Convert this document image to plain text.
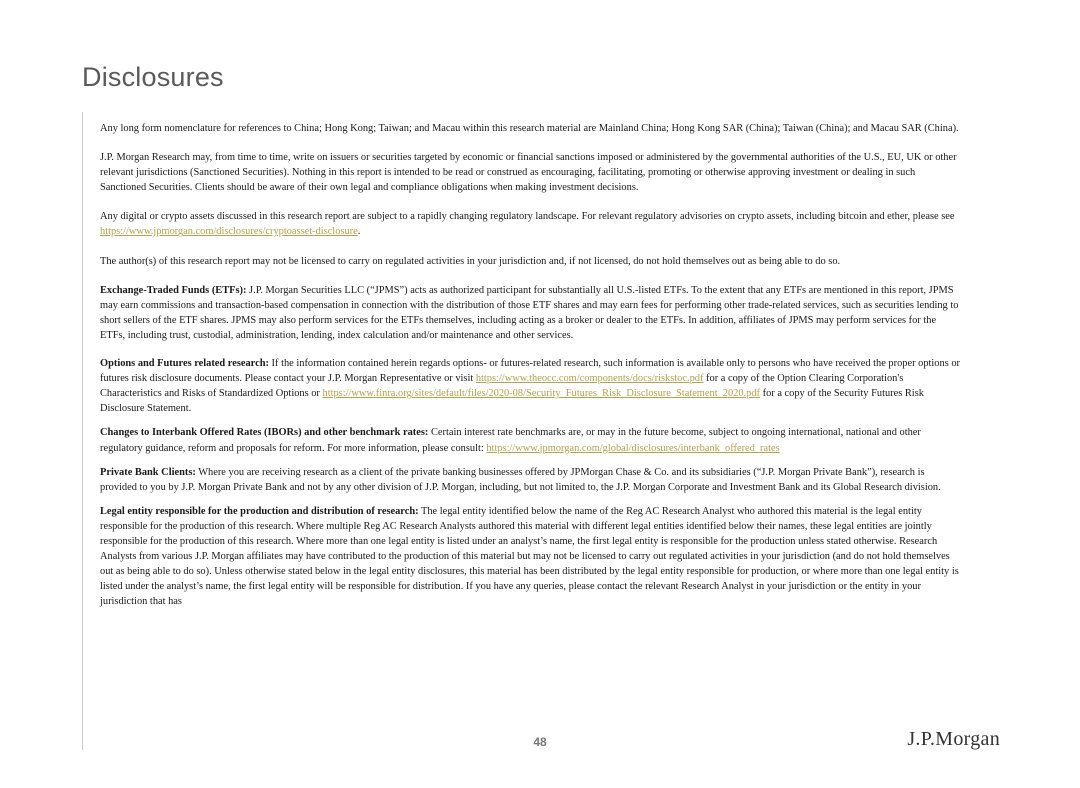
Disclosures

Any long form nomenclature for references to China; Hong Kong; Taiwan; and Macau within this research material are Mainland China; Hong Kong SAR (China); Taiwan (China); and Macau SAR (China).

J.P. Morgan Research may, from time to time, write on issuers or securities targeted by economic or financial sanctions imposed or administered by the governmental authorities of the U.S., EU, UK or other relevant jurisdictions (Sanctioned Securities). Nothing in this report is intended to be read or construed as encouraging, facilitating, promoting or otherwise approving investment or dealing in such Sanctioned Securities. Clients should be aware of their own legal and compliance obligations when making investment decisions.

Any digital or crypto assets discussed in this research report are subject to a rapidly changing regulatory landscape. For relevant regulatory advisories on crypto assets, including bitcoin and ether, please see https://www.jpmorgan.com/disclosures/cryptoasset-disclosure.

The author(s) of this research report may not be licensed to carry on regulated activities in your jurisdiction and, if not licensed, do not hold themselves out as being able to do so.

Exchange-Traded Funds (ETFs): J.P. Morgan Securities LLC (“JPMS”) acts as authorized participant for substantially all U.S.-listed ETFs. To the extent that any ETFs are mentioned in this report, JPMS may earn commissions and transaction-based compensation in connection with the distribution of those ETF shares and may earn fees for performing other trade-related services, such as securities lending to short sellers of the ETF shares. JPMS may also perform services for the ETFs themselves, including acting as a broker or dealer to the ETFs. In addition, affiliates of JPMS may perform services for the ETFs, including trust, custodial, administration, lending, index calculation and/or maintenance and other services.

Options and Futures related research: If the information contained herein regards options- or futures-related research, such information is available only to persons who have received the proper options or futures risk disclosure documents. Please contact your J.P. Morgan Representative or visit https://www.theocc.com/components/docs/riskstoc.pdf for a copy of the Option Clearing Corporation's Characteristics and Risks of Standardized Options or https://www.finra.org/sites/default/files/2020-08/Security_Futures_Risk_Disclosure_Statement_2020.pdf for a copy of the Security Futures Risk Disclosure Statement.

Changes to Interbank Offered Rates (IBORs) and other benchmark rates: Certain interest rate benchmarks are, or may in the future become, subject to ongoing international, national and other regulatory guidance, reform and proposals for reform. For more information, please consult: https://www.jpmorgan.com/global/disclosures/interbank_offered_rates

Private Bank Clients: Where you are receiving research as a client of the private banking businesses offered by JPMorgan Chase & Co. and its subsidiaries (“J.P. Morgan Private Bank”), research is provided to you by J.P. Morgan Private Bank and not by any other division of J.P. Morgan, including, but not limited to, the J.P. Morgan Corporate and Investment Bank and its Global Research division.

Legal entity responsible for the production and distribution of research: The legal entity identified below the name of the Reg AC Research Analyst who authored this material is the legal entity responsible for the production of this research. Where multiple Reg AC Research Analysts authored this material with different legal entities identified below their names, these legal entities are jointly responsible for the production of this research. Where more than one legal entity is listed under an analyst’s name, the first legal entity is responsible for the production unless stated otherwise. Research Analysts from various J.P. Morgan affiliates may have contributed to the production of this material but may not be licensed to carry out regulated activities in your jurisdiction (and do not hold themselves out as being able to do so). Unless otherwise stated below in the legal entity disclosures, this material has been distributed by the legal entity responsible for production, or where more than one legal entity is listed under the analyst’s name, the first legal entity will be responsible for distribution. If you have any queries, please contact the relevant Research Analyst in your jurisdiction or the entity in your jurisdiction that has

48	J.P.Morgan
